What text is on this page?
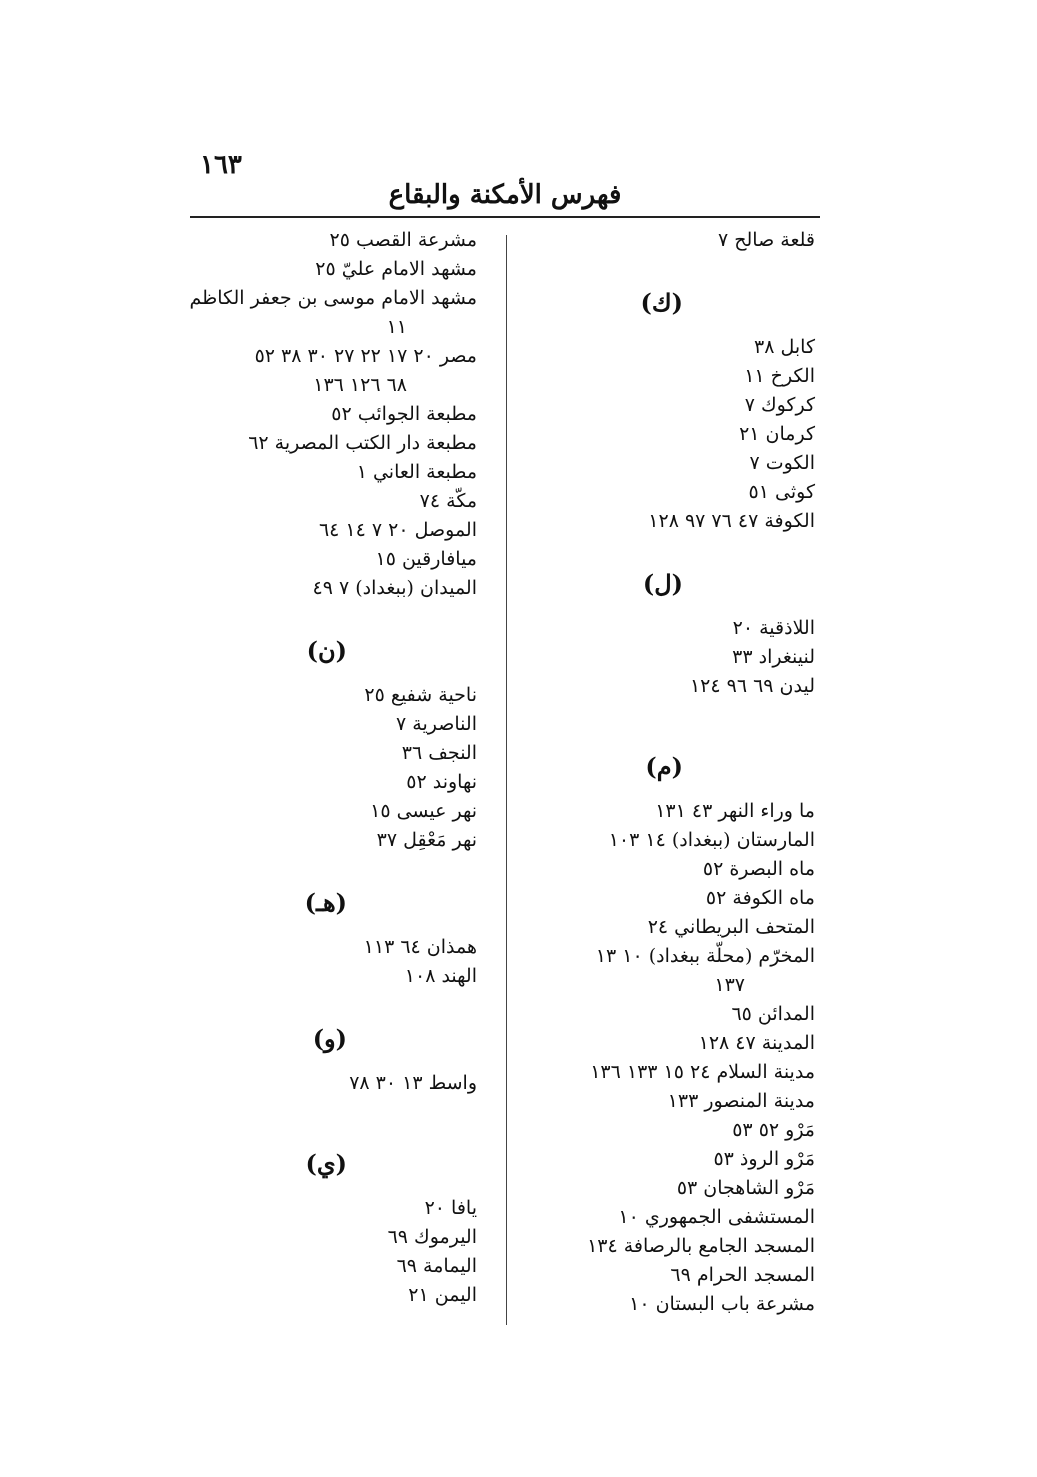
١٦٣
فهرس الأمكنة والبقاع
قلعة صالح ٧
(ك)
كابل ٣٨
الكرخ ١١
كركوك ٧
كرمان ٢١
الكوت ٧
كوثى ٥١
الكوفة ٤٧ ٧٦ ٩٧ ١٢٨
(ل)
اللاذقية ٢٠
لنينغراد ٣٣
ليدن ٦٩ ٩٦ ١٢٤
(م)
ما وراء النهر ٤٣ ١٣١
المارستان (ببغداد) ١٤ ١٠٣
ماه البصرة ٥٢
ماه الكوفة ٥٢
المتحف البريطاني ٢٤
المخرّم (محلّة ببغداد) ١٠ ١٣
١٣٧
المدائن ٦٥
المدينة ٤٧ ١٢٨
مدينة السلام ٢٤ ١٥ ١٣٣ ١٣٦
مدينة المنصور ١٣٣
مَرْو ٥٢ ٥٣
مَرْو الروذ ٥٣
مَرْو الشاهجان ٥٣
المستشفى الجمهوري ١٠
المسجد الجامع بالرصافة ١٣٤
المسجد الحرام ٦٩
مشرعة باب البستان ١٠
مشرعة القصب ٢٥
مشهد الامام عليّ ٢٥
مشهد الامام موسى بن جعفر الكاظم
١١
مصر ٢٠ ١٧ ٢٢ ٢٧ ٣٠ ٣٨ ٥٢
٦٨ ١٢٦ ١٣٦
مطبعة الجوائب ٥٢
مطبعة دار الكتب المصرية ٦٢
مطبعة العاني ١
مكّة ٧٤
الموصل ٢٠ ٧ ١٤ ٦٤
ميافارقين ١٥
الميدان (ببغداد) ٧ ٤٩
(ن)
ناحية شفيع ٢٥
الناصرية ٧
النجف ٣٦
نهاوند ٥٢
نهر عيسى ١٥
نهر مَعْقِل ٣٧
(هـ)
همذان ٦٤ ١١٣
الهند ١٠٨
(و)
واسط ١٣ ٣٠ ٧٨
(ي)
يافا ٢٠
اليرموك ٦٩
اليمامة ٦٩
اليمن ٢١
